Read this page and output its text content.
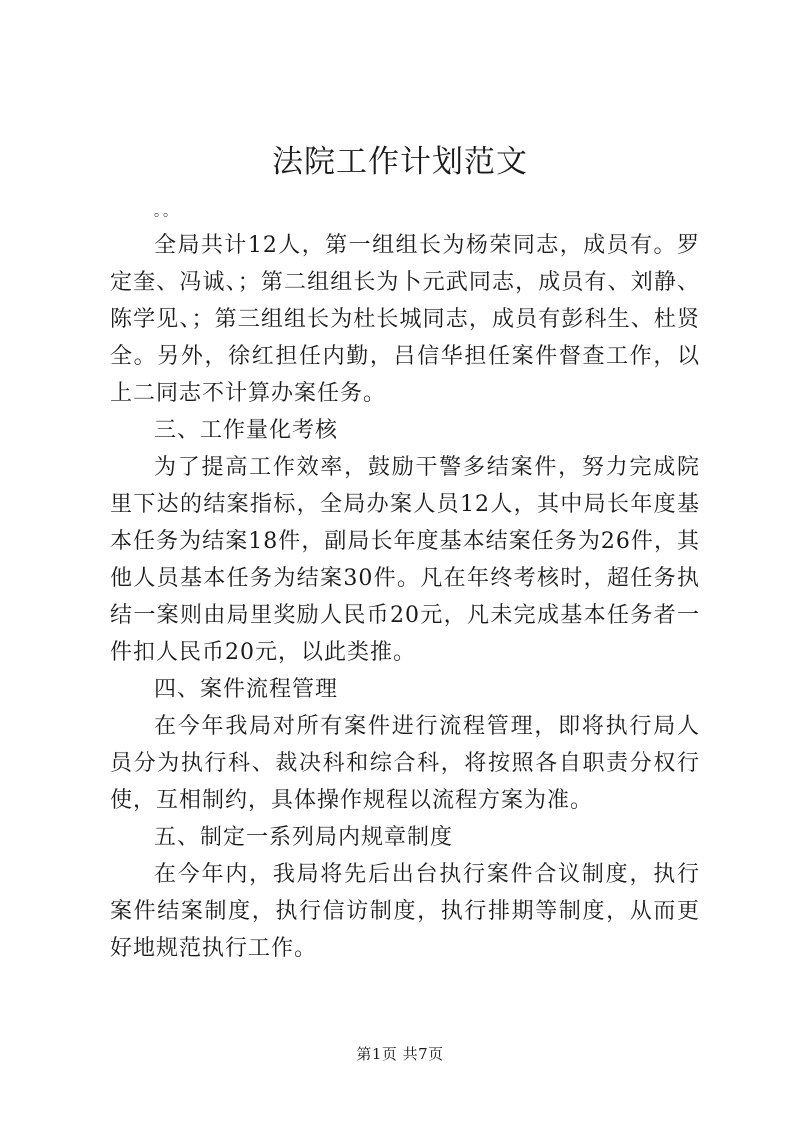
法院工作计划范文

。。

全局共计12人，第一组组长为杨荣同志，成员有。罗定奎、冯诚、；第二组组长为卜元武同志，成员有、刘静、陈学见、；第三组组长为杜长城同志，成员有彭科生、杜贤全。另外，徐红担任内勤，吕信华担任案件督查工作，以上二同志不计算办案任务。

三、工作量化考核

为了提高工作效率，鼓励干警多结案件，努力完成院里下达的结案指标，全局办案人员12人，其中局长年度基本任务为结案18件，副局长年度基本结案任务为26件，其他人员基本任务为结案30件。凡在年终考核时，超任务执结一案则由局里奖励人民币20元，凡未完成基本任务者一件扣人民币20元，以此类推。

四、案件流程管理

在今年我局对所有案件进行流程管理，即将执行局人员分为执行科、裁决科和综合科，将按照各自职责分权行使，互相制约，具体操作规程以流程方案为准。

五、制定一系列局内规章制度

在今年内，我局将先后出台执行案件合议制度，执行案件结案制度，执行信访制度，执行排期等制度，从而更好地规范执行工作。

第1页 共7页
